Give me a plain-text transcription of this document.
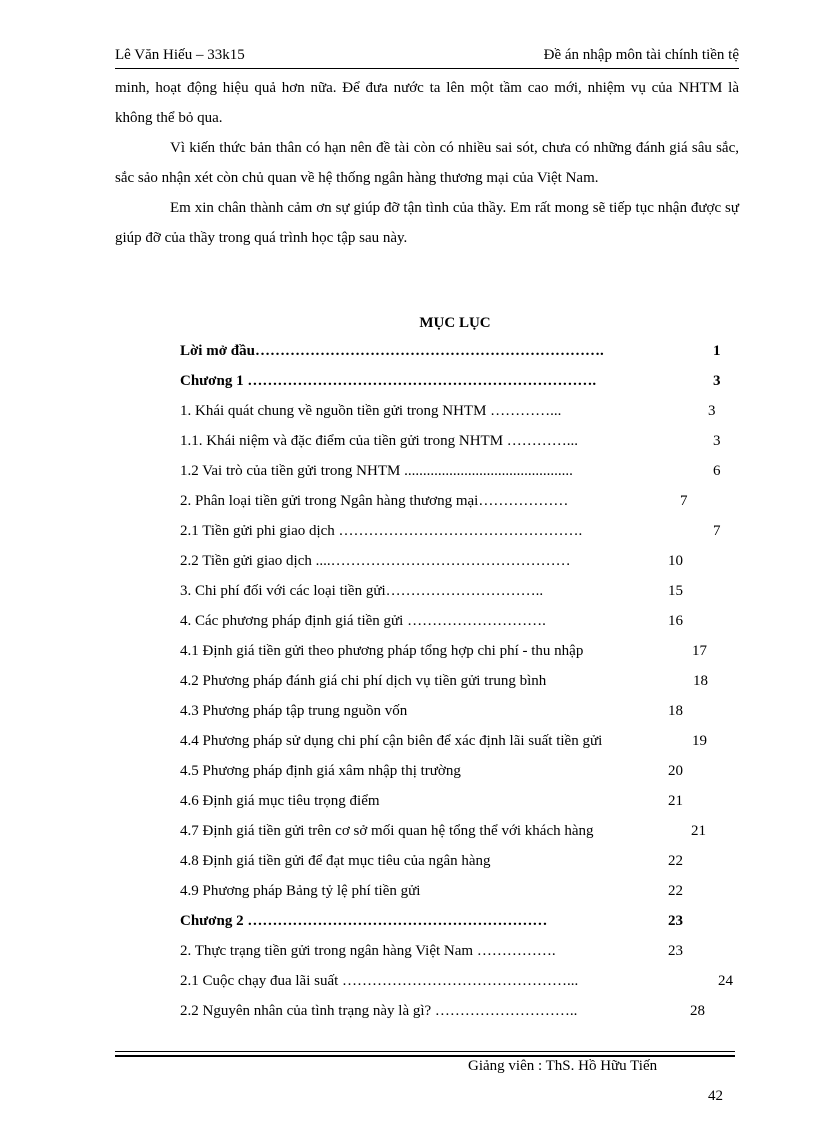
Lê Văn Hiếu – 33k15	Đề án nhập môn tài chính tiền tệ

minh, hoạt động hiệu quả hơn nữa. Để đưa nước ta lên một tầm cao mới, nhiệm vụ của NHTM là không thể bỏ qua.

Vì kiến thức bản thân có hạn nên đề tài còn có nhiều sai sót, chưa có những đánh giá sâu sắc, sắc sảo nhận xét còn chủ quan về hệ thống ngân hàng thương mại của Việt Nam.

Em xin chân thành cảm ơn sự giúp đỡ tận tình của thầy. Em rất mong sẽ tiếp tục nhận được sự giúp đỡ của thầy trong quá trình học tập sau này.

MỤC LỤC
Lời mở đầu…………………………………………………………….	1
Chương 1 …………………………………………………………….	3
1. Khái quát chung về nguồn tiền gửi trong NHTM …………...	3
1.1. Khái niệm và đặc điểm của tiền gửi trong NHTM …………...	3
1.2 Vai trò của tiền gửi trong NHTM .............................................	6
2. Phân loại tiền gửi trong Ngân hàng thương mại………………	7
2.1 Tiền gửi phi giao dịch ………………………………………….	7
2.2 Tiền gửi giao dịch ....…………………………………………	10
3. Chi phí đối với các loại tiền gửi…………………………..	15
4. Các phương pháp định giá tiền gửi ……………………….	16
4.1 Định giá tiền gửi theo phương pháp tổng hợp chi phí - thu nhập	17
4.2 Phương pháp đánh giá chi phí dịch vụ tiền gửi trung bình	18
4.3 Phương pháp tập trung nguồn vốn	18
4.4 Phương pháp sử dụng chi phí cận biên để xác định lãi suất tiền gửi	19
4.5 Phương pháp định giá xâm nhập thị trường	20
4.6 Định giá mục tiêu trọng điểm	21
4.7 Định giá tiền gửi trên cơ sở mối quan hệ tổng thể với khách hàng	21
4.8 Định giá tiền gửi để đạt mục tiêu của ngân hàng	22
4.9 Phương pháp Bảng tỷ lệ phí tiền gửi	22
Chương 2 ……………………………………………………	23
2. Thực trạng tiền gửi trong ngân hàng Việt Nam …………….	23
2.1 Cuộc chạy đua lãi suất ………………………………………...	24
2.2 Nguyên nhân của tình trạng này là gì? ………………………..	28
Giảng viên : ThS. Hồ Hữu Tiến
42
